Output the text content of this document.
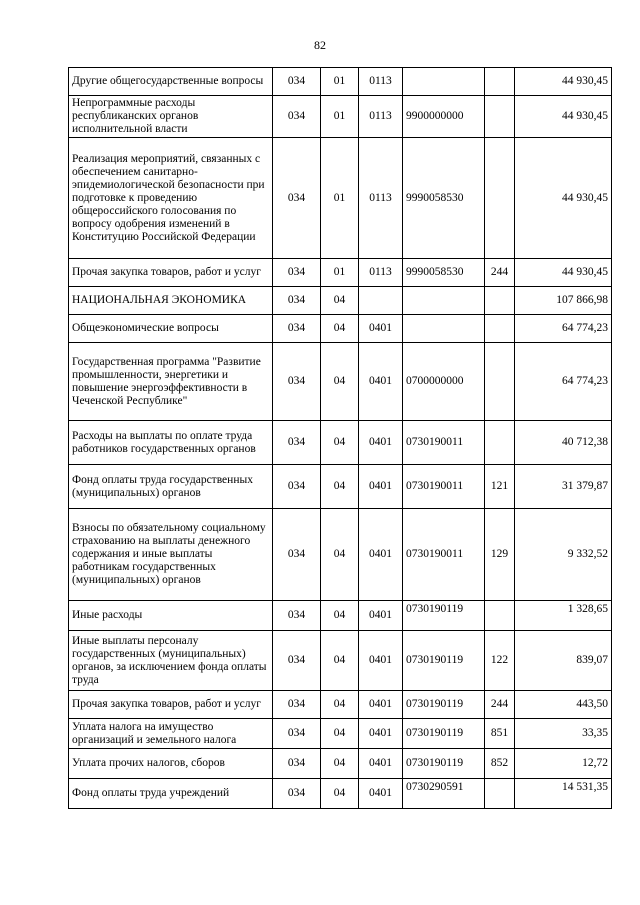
82
Другие общегосударственные вопросы	034	01	0113			44 930,45
Непрограммные расходы республиканских органов исполнительной власти	034	01	0113	9900000000		44 930,45
Реализация мероприятий, связанных с обеспечением санитарно-эпидемиологической безопасности при подготовке к проведению общероссийского голосования по вопросу одобрения изменений в Конституцию Российской Федерации	034	01	0113	9990058530		44 930,45
Прочая закупка товаров, работ и услуг	034	01	0113	9990058530	244	44 930,45
НАЦИОНАЛЬНАЯ ЭКОНОМИКА	034	04				107 866,98
Общеэкономические вопросы	034	04	0401			64 774,23
Государственная программа "Развитие промышленности, энергетики и повышение энергоэффективности в Чеченской Республике"	034	04	0401	0700000000		64 774,23
Расходы на выплаты по оплате труда работников государственных органов	034	04	0401	0730190011		40 712,38
Фонд оплаты труда государственных (муниципальных) органов	034	04	0401	0730190011	121	31 379,87
Взносы по обязательному социальному страхованию на выплаты денежного содержания и иные выплаты работникам государственных (муниципальных) органов	034	04	0401	0730190011	129	9 332,52
Иные расходы	034	04	0401	0730190119		1 328,65
Иные выплаты персоналу государственных (муниципальных) органов, за исключением фонда оплаты труда	034	04	0401	0730190119	122	839,07
Прочая закупка товаров, работ и услуг	034	04	0401	0730190119	244	443,50
Уплата налога на имущество организаций и земельного налога	034	04	0401	0730190119	851	33,35
Уплата прочих налогов, сборов	034	04	0401	0730190119	852	12,72
Фонд оплаты труда учреждений	034	04	0401	0730290591		14 531,35
